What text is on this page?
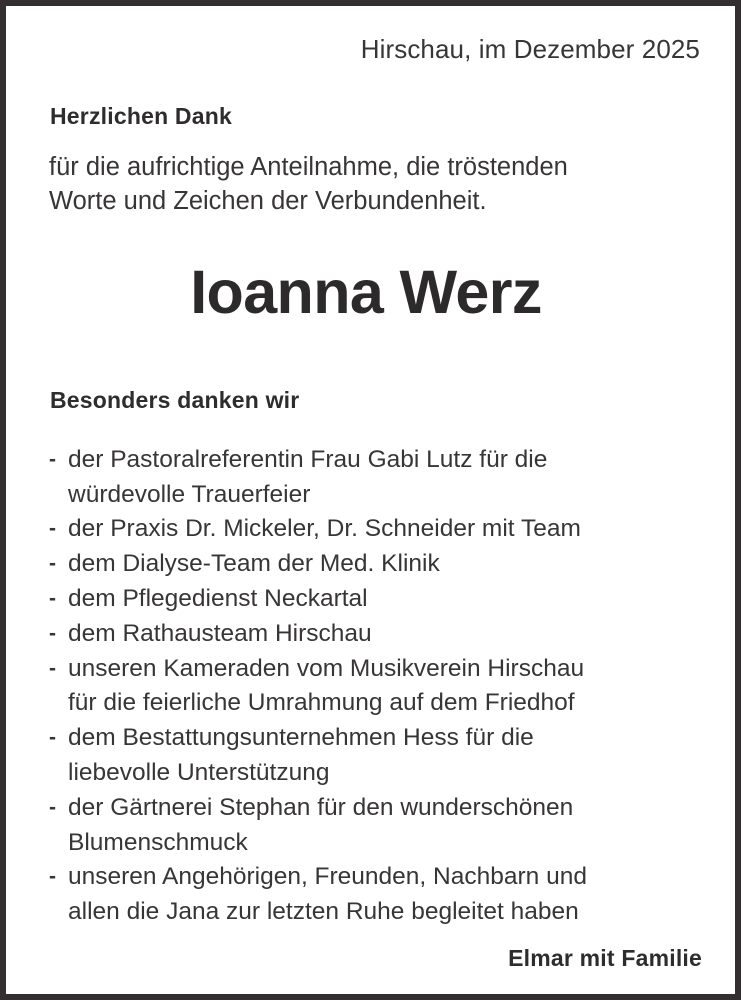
Hirschau, im Dezember 2025
Herzlichen Dank
für die aufrichtige Anteilnahme, die tröstenden
Worte und Zeichen der Verbundenheit.
Ioanna Werz
Besonders danken wir
- der Pastoralreferentin Frau Gabi Lutz für die
würdevolle Trauerfeier
- der Praxis Dr. Mickeler, Dr. Schneider mit Team
- dem Dialyse-Team der Med. Klinik
- dem Pflegedienst Neckartal
- dem Rathausteam Hirschau
- unseren Kameraden vom Musikverein Hirschau
für die feierliche Umrahmung auf dem Friedhof
- dem Bestattungsunternehmen Hess für die
liebevolle Unterstützung
- der Gärtnerei Stephan für den wunderschönen
Blumenschmuck
- unseren Angehörigen, Freunden, Nachbarn und
allen die Jana zur letzten Ruhe begleitet haben
Elmar mit Familie
